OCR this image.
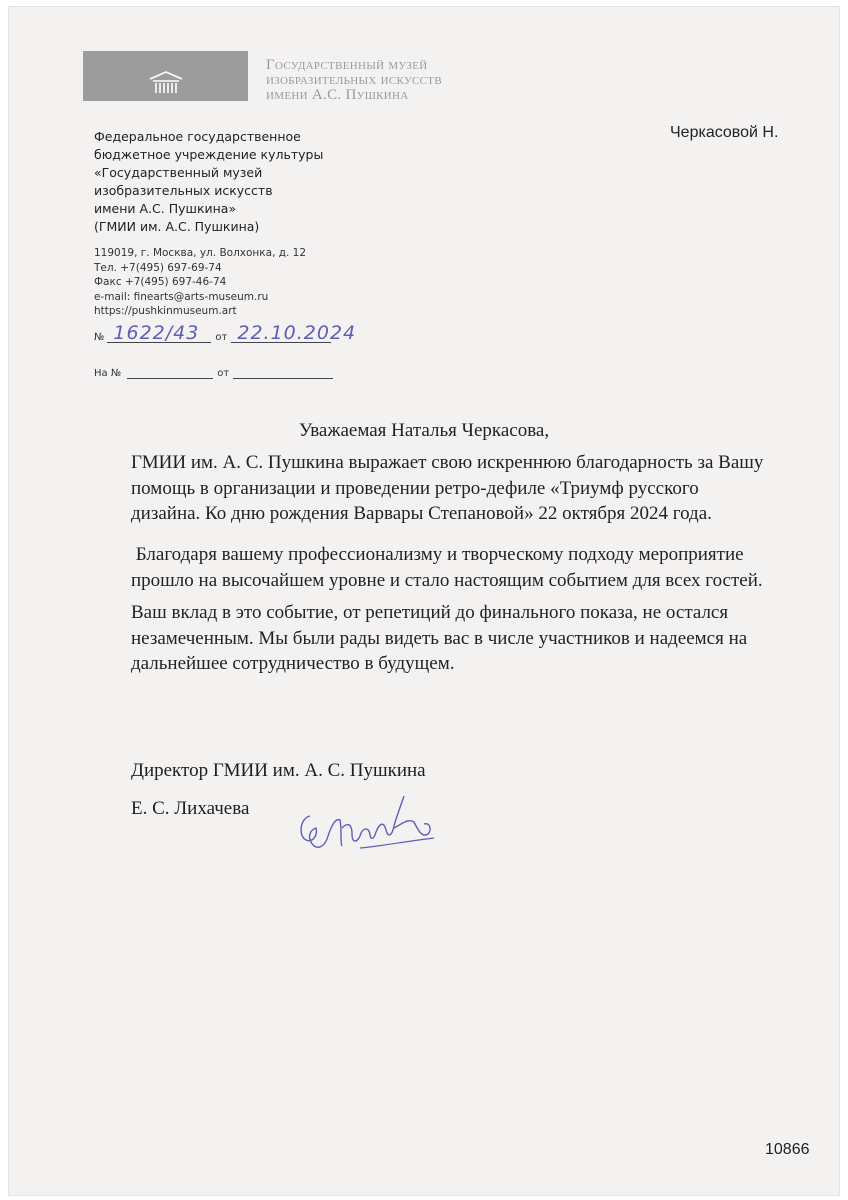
Государственный музей
изобразительных искусств
имени А.С. Пушкина
Черкасовой Н.
Федеральное государственное
бюджетное учреждение культуры
«Государственный музей
изобразительных искусств
имени А.С. Пушкина»
(ГМИИ им. А.С. Пушкина)
119019, г. Москва, ул. Волхонка, д. 12
Тел. +7(495) 697-69-74
Факс +7(495) 697-46-74
e-mail: finearts@arts-museum.ru
https://pushkinmuseum.art
№ 1622/43 от 22.10.2024
На №	от
Уважаемая Наталья Черкасова,
ГМИИ им. А. С. Пушкина выражает свою искреннюю благодарность за Вашу
помощь в организации и проведении ретро-дефиле «Триумф русского
дизайна. Ко дню рождения Варвары Степановой» 22 октября 2024 года.
Благодаря вашему профессионализму и творческому подходу мероприятие
прошло на высочайшем уровне и стало настоящим событием для всех гостей.
Ваш вклад в это событие, от репетиций до финального показа, не остался
незамеченным. Мы были рады видеть вас в числе участников и надеемся на
дальнейшее сотрудничество в будущем.
Директор ГМИИ им. А. С. Пушкина
Е. С. Лихачева
10866
